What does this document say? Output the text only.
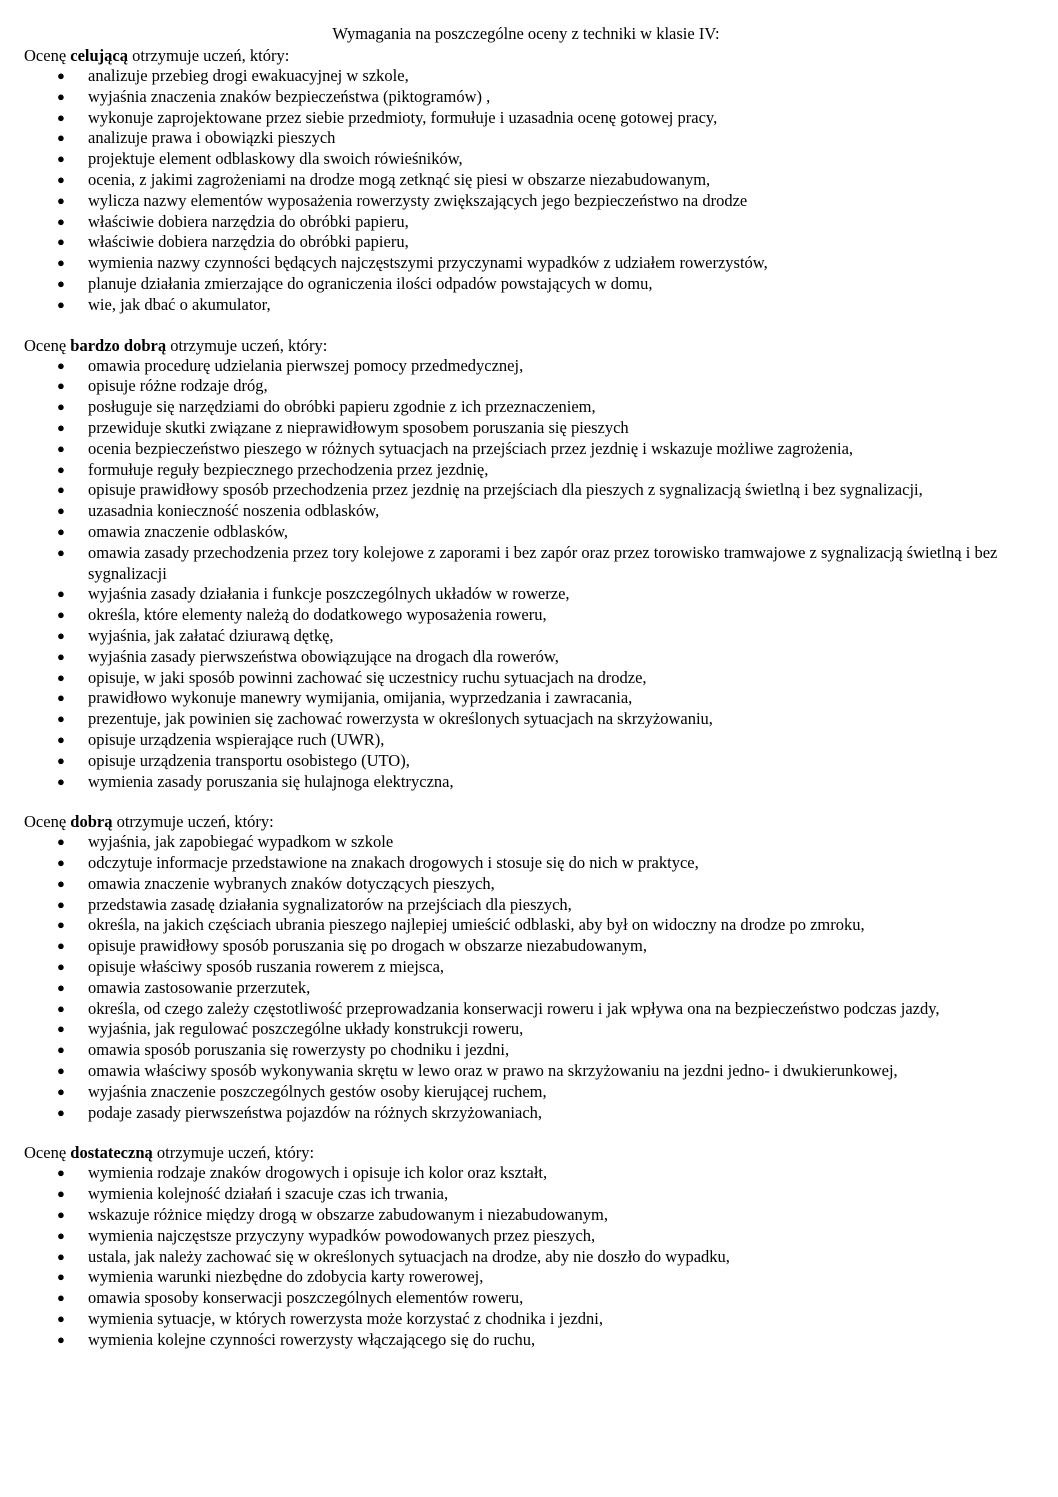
Wymagania na poszczególne oceny z techniki w klasie IV:

Ocenę celującą otrzymuje uczeń, który:

● analizuje przebieg drogi ewakuacyjnej w szkole,
● wyjaśnia znaczenia znaków bezpieczeństwa (piktogramów) ,
● wykonuje zaprojektowane przez siebie przedmioty, formułuje i uzasadnia ocenę gotowej pracy,
● analizuje prawa i obowiązki pieszych
● projektuje element odblaskowy dla swoich rówieśników,
● ocenia, z jakimi zagrożeniami na drodze mogą zetknąć się piesi w obszarze niezabudowanym,
● wylicza nazwy elementów wyposażenia rowerzysty zwiększających jego bezpieczeństwo na drodze
● właściwie dobiera narzędzia do obróbki papieru,
● właściwie dobiera narzędzia do obróbki papieru,
● wymienia nazwy czynności będących najczęstszymi przyczynami wypadków z udziałem rowerzystów,
● planuje działania zmierzające do ograniczenia ilości odpadów powstających w domu,
● wie, jak dbać o akumulator,

Ocenę bardzo dobrą otrzymuje uczeń, który:

● omawia procedurę udzielania pierwszej pomocy przedmedycznej,
● opisuje różne rodzaje dróg,
● posługuje się narzędziami do obróbki papieru zgodnie z ich przeznaczeniem,
● przewiduje skutki związane z nieprawidłowym sposobem poruszania się pieszych
● ocenia bezpieczeństwo pieszego w różnych sytuacjach na przejściach przez jezdnię i wskazuje możliwe zagrożenia,
● formułuje reguły bezpiecznego przechodzenia przez jezdnię,
● opisuje prawidłowy sposób przechodzenia przez jezdnię na przejściach dla pieszych z sygnalizacją świetlną i bez sygnalizacji,
● uzasadnia konieczność noszenia odblasków,
● omawia znaczenie odblasków,
● omawia zasady przechodzenia przez tory kolejowe z zaporami i bez zapór oraz przez torowisko tramwajowe z sygnalizacją świetlną i bez sygnalizacji
● wyjaśnia zasady działania i funkcje poszczególnych układów w rowerze,
● określa, które elementy należą do dodatkowego wyposażenia roweru,
● wyjaśnia, jak załatać dziurawą dętkę,
● wyjaśnia zasady pierwszeństwa obowiązujące na drogach dla rowerów,
● opisuje, w jaki sposób powinni zachować się uczestnicy ruchu sytuacjach na drodze,
● prawidłowo wykonuje manewry wymijania, omijania, wyprzedzania i zawracania,
● prezentuje, jak powinien się zachować rowerzysta w określonych sytuacjach na skrzyżowaniu,
● opisuje urządzenia wspierające ruch (UWR),
● opisuje urządzenia transportu osobistego (UTO),
● wymienia zasady poruszania się hulajnoga elektryczna,

Ocenę dobrą otrzymuje uczeń, który:

● wyjaśnia, jak zapobiegać wypadkom w szkole
● odczytuje informacje przedstawione na znakach drogowych i stosuje się do nich w praktyce,
● omawia znaczenie wybranych znaków dotyczących pieszych,
● przedstawia zasadę działania sygnalizatorów na przejściach dla pieszych,
● określa, na jakich częściach ubrania pieszego najlepiej umieścić odblaski, aby był on widoczny na drodze po zmroku,
● opisuje prawidłowy sposób poruszania się po drogach w obszarze niezabudowanym,
● opisuje właściwy sposób ruszania rowerem z miejsca,
● omawia zastosowanie przerzutek,
● określa, od czego zależy częstotliwość przeprowadzania konserwacji roweru i jak wpływa ona na bezpieczeństwo podczas jazdy,
● wyjaśnia, jak regulować poszczególne układy konstrukcji roweru,
● omawia sposób poruszania się rowerzysty po chodniku i jezdni,
● omawia właściwy sposób wykonywania skrętu w lewo oraz w prawo na skrzyżowaniu na jezdni jedno- i dwukierunkowej,
● wyjaśnia znaczenie poszczególnych gestów osoby kierującej ruchem,
● podaje zasady pierwszeństwa pojazdów na różnych skrzyżowaniach,

Ocenę dostateczną otrzymuje uczeń, który:

● wymienia rodzaje znaków drogowych i opisuje ich kolor oraz kształt,
● wymienia kolejność działań i szacuje czas ich trwania,
● wskazuje różnice między drogą w obszarze zabudowanym i niezabudowanym,
● wymienia najczęstsze przyczyny wypadków powodowanych przez pieszych,
● ustala, jak należy zachować się w określonych sytuacjach na drodze, aby nie doszło do wypadku,
● wymienia warunki niezbędne do zdobycia karty rowerowej,
● omawia sposoby konserwacji poszczególnych elementów roweru,
● wymienia sytuacje, w których rowerzysta może korzystać z chodnika i jezdni,
● wymienia kolejne czynności rowerzysty włączającego się do ruchu,
